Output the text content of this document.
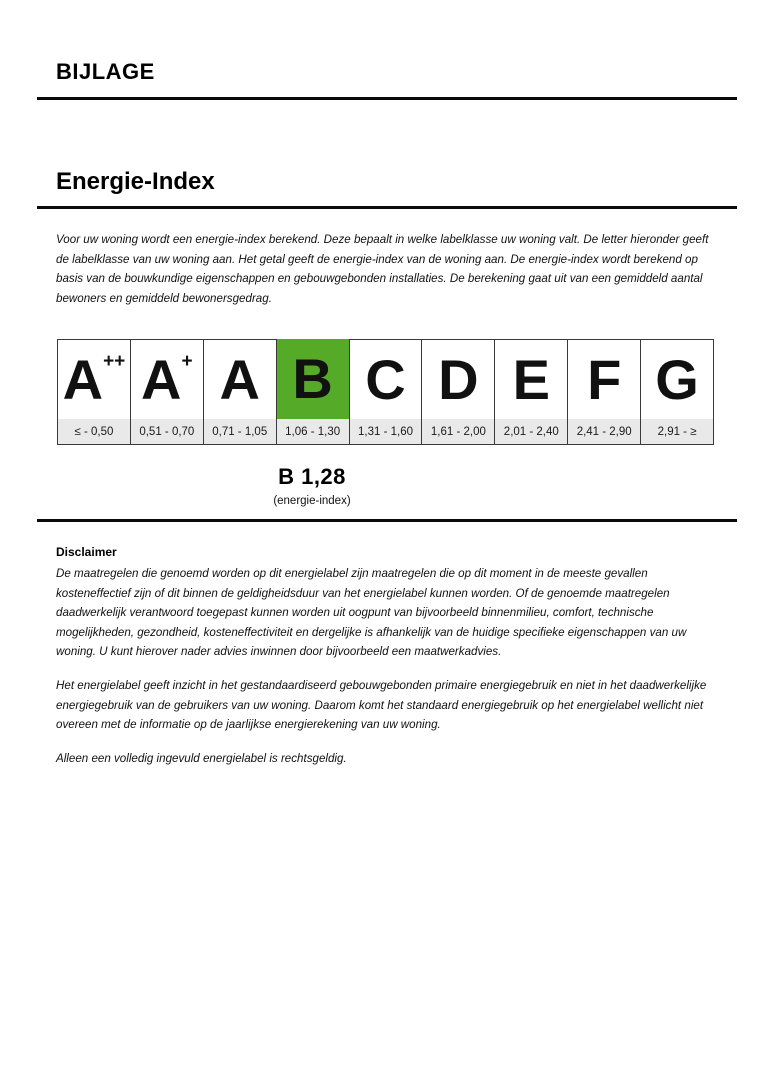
BIJLAGE
Energie-Index
Voor uw woning wordt een energie-index berekend. Deze bepaalt in welke labelklasse uw woning valt. De letter hieronder geeft de labelklasse van uw woning aan. Het getal geeft de energie-index van de woning aan. De energie-index wordt berekend op basis van de bouwkundige eigenschappen en gebouwgebonden installaties. De berekening gaat uit van een gemiddeld aantal bewoners en gemiddeld bewonersgedrag.
A ++
≤ - 0,50
A +
0,51 - 0,70
A
0,71 - 1,05
B
1,06 - 1,30
C
1,31 - 1,60
D
1,61 - 2,00
E
2,01 - 2,40
F
2,41 - 2,90
G
2,91 - ≥
B 1,28
(energie-index)
Disclaimer
De maatregelen die genoemd worden op dit energielabel zijn maatregelen die op dit moment in de meeste gevallen kosteneffectief zijn of dit binnen de geldigheidsduur van het energielabel kunnen worden. Of de genoemde maatregelen daadwerkelijk verantwoord toegepast kunnen worden uit oogpunt van bijvoorbeeld binnenmilieu, comfort, technische mogelijkheden, gezondheid, kosteneffectiviteit en dergelijke is afhankelijk van de huidige specifieke eigenschappen van uw woning. U kunt hierover nader advies inwinnen door bijvoorbeeld een maatwerkadvies.
Het energielabel geeft inzicht in het gestandaardiseerd gebouwgebonden primaire energiegebruik en niet in het daadwerkelijke energiegebruik van de gebruikers van uw woning. Daarom komt het standaard energiegebruik op het energielabel wellicht niet overeen met de informatie op de jaarlijkse energierekening van uw woning.
Alleen een volledig ingevuld energielabel is rechtsgeldig.
